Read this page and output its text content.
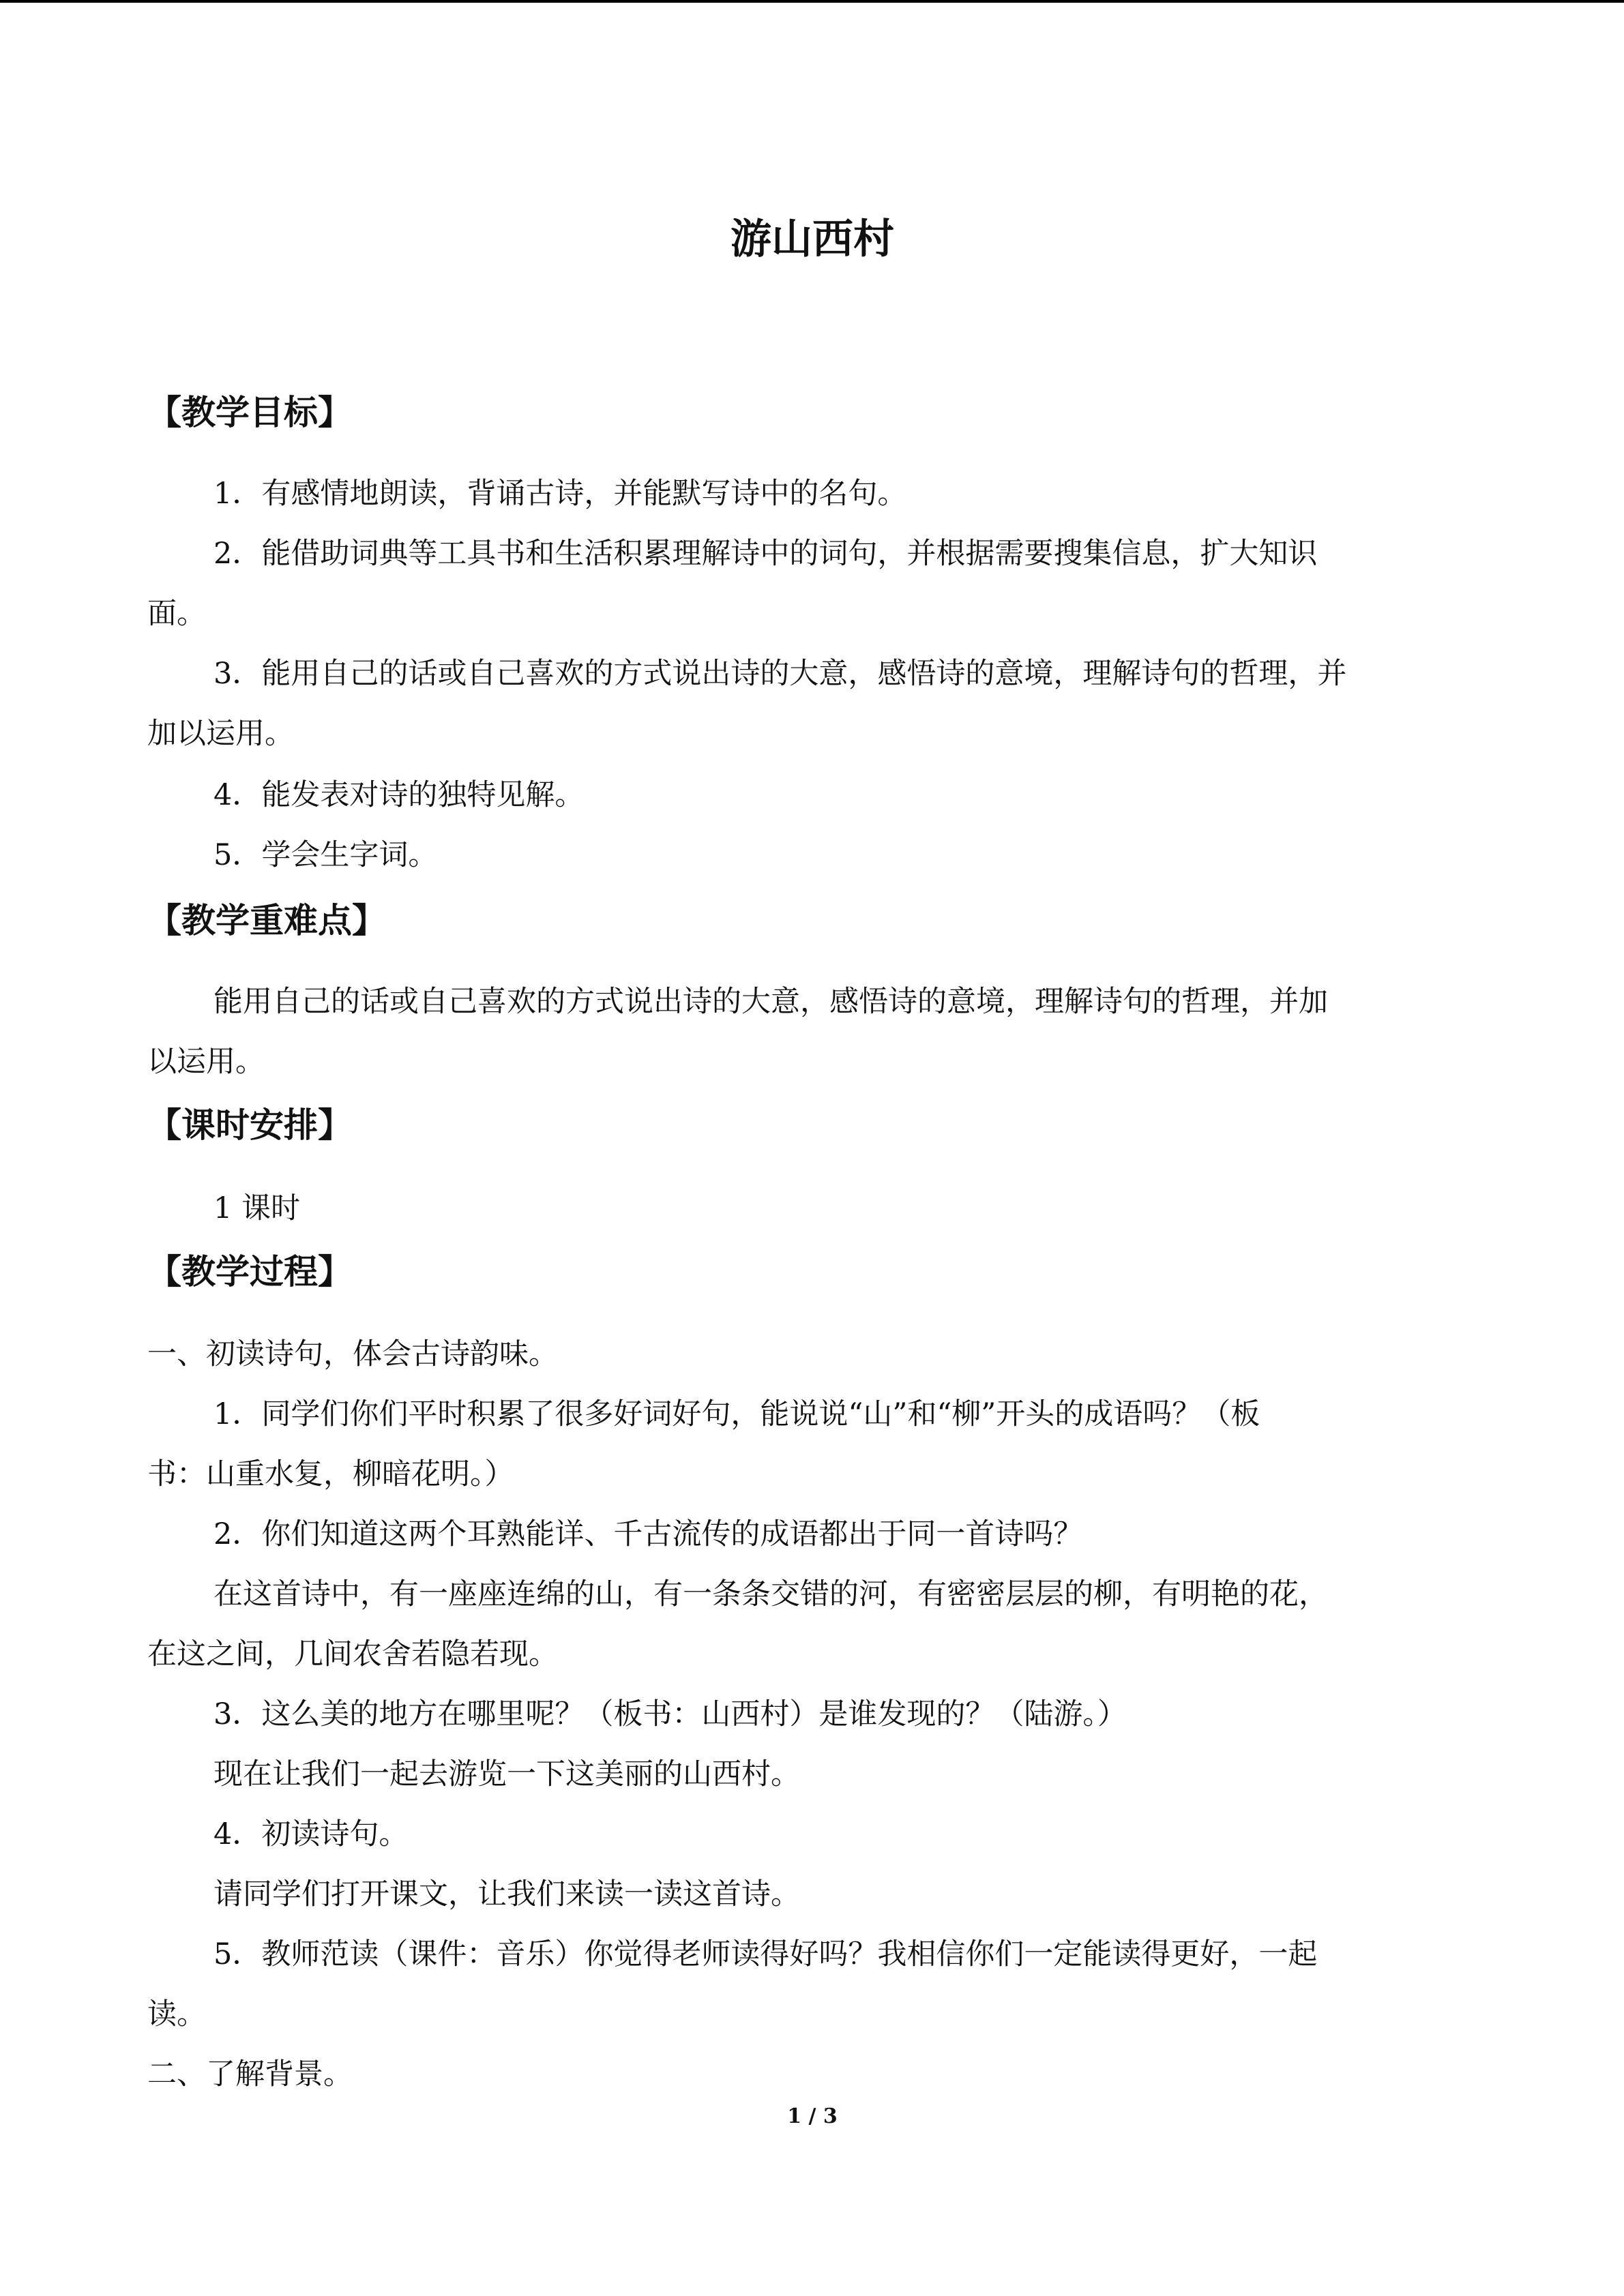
游山西村
【教学目标】
1．有感情地朗读，背诵古诗，并能默写诗中的名句。
2．能借助词典等工具书和生活积累理解诗中的词句，并根据需要搜集信息，扩大知识
面。
3．能用自己的话或自己喜欢的方式说出诗的大意，感悟诗的意境，理解诗句的哲理，并
加以运用。
4．能发表对诗的独特见解。
5．学会生字词。
【教学重难点】
能用自己的话或自己喜欢的方式说出诗的大意，感悟诗的意境，理解诗句的哲理，并加
以运用。
【课时安排】
1 课时
【教学过程】
一、初读诗句，体会古诗韵味。
1．同学们你们平时积累了很多好词好句，能说说“山”和“柳”开头的成语吗？（板
书：山重水复，柳暗花明。）
2．你们知道这两个耳熟能详、千古流传的成语都出于同一首诗吗？
在这首诗中，有一座座连绵的山，有一条条交错的河，有密密层层的柳，有明艳的花，
在这之间，几间农舍若隐若现。
3．这么美的地方在哪里呢？（板书：山西村）是谁发现的？（陆游。）
现在让我们一起去游览一下这美丽的山西村。
4．初读诗句。
请同学们打开课文，让我们来读一读这首诗。
5．教师范读（课件：音乐）你觉得老师读得好吗？我相信你们一定能读得更好，一起
读。
二、了解背景。
1 / 3
